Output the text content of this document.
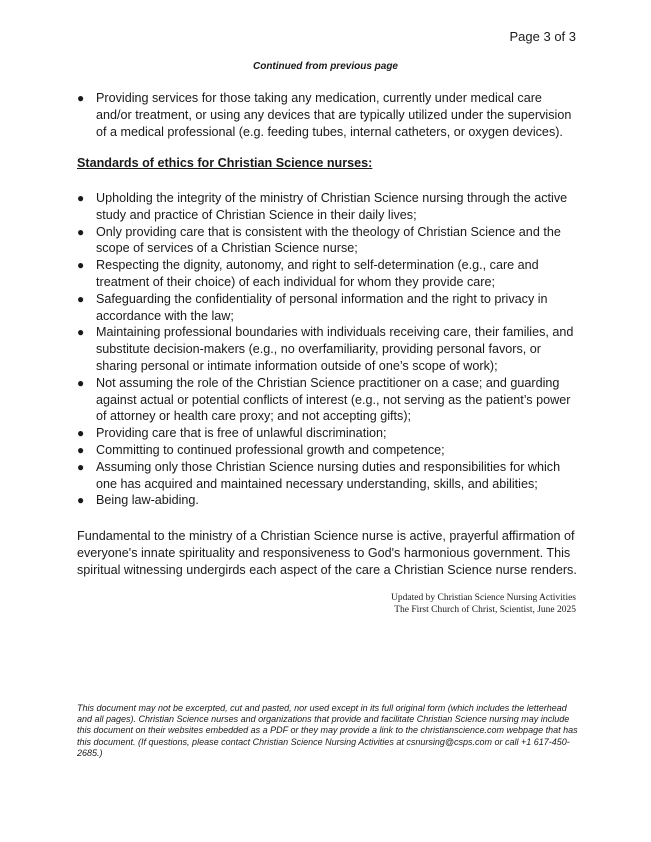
Page 3 of 3
Continued from previous page
● Providing services for those taking any medication, currently under medical care and/or treatment, or using any devices that are typically utilized under the supervision of a medical professional (e.g. feeding tubes, internal catheters, or oxygen devices).
Standards of ethics for Christian Science nurses:
● Upholding the integrity of the ministry of Christian Science nursing through the active study and practice of Christian Science in their daily lives;
● Only providing care that is consistent with the theology of Christian Science and the scope of services of a Christian Science nurse;
● Respecting the dignity, autonomy, and right to self-determination (e.g., care and treatment of their choice) of each individual for whom they provide care;
● Safeguarding the confidentiality of personal information and the right to privacy in accordance with the law;
● Maintaining professional boundaries with individuals receiving care, their families, and substitute decision-makers (e.g., no overfamiliarity, providing personal favors, or sharing personal or intimate information outside of one’s scope of work);
● Not assuming the role of the Christian Science practitioner on a case; and guarding against actual or potential conflicts of interest (e.g., not serving as the patient’s power of attorney or health care proxy; and not accepting gifts);
● Providing care that is free of unlawful discrimination;
● Committing to continued professional growth and competence;
● Assuming only those Christian Science nursing duties and responsibilities for which one has acquired and maintained necessary understanding, skills, and abilities;
● Being law-abiding.

Fundamental to the ministry of a Christian Science nurse is active, prayerful affirmation of everyone's innate spirituality and responsiveness to God's harmonious government. This spiritual witnessing undergirds each aspect of the care a Christian Science nurse renders.

Updated by Christian Science Nursing Activities
The First Church of Christ, Scientist, June 2025

This document may not be excerpted, cut and pasted, nor used except in its full original form (which includes the letterhead and all pages). Christian Science nurses and organizations that provide and facilitate Christian Science nursing may include this document on their websites embedded as a PDF or they may provide a link to the christianscience.com webpage that has this document. (If questions, please contact Christian Science Nursing Activities at csnursing@csps.com or call +1 617-450-2685.)
